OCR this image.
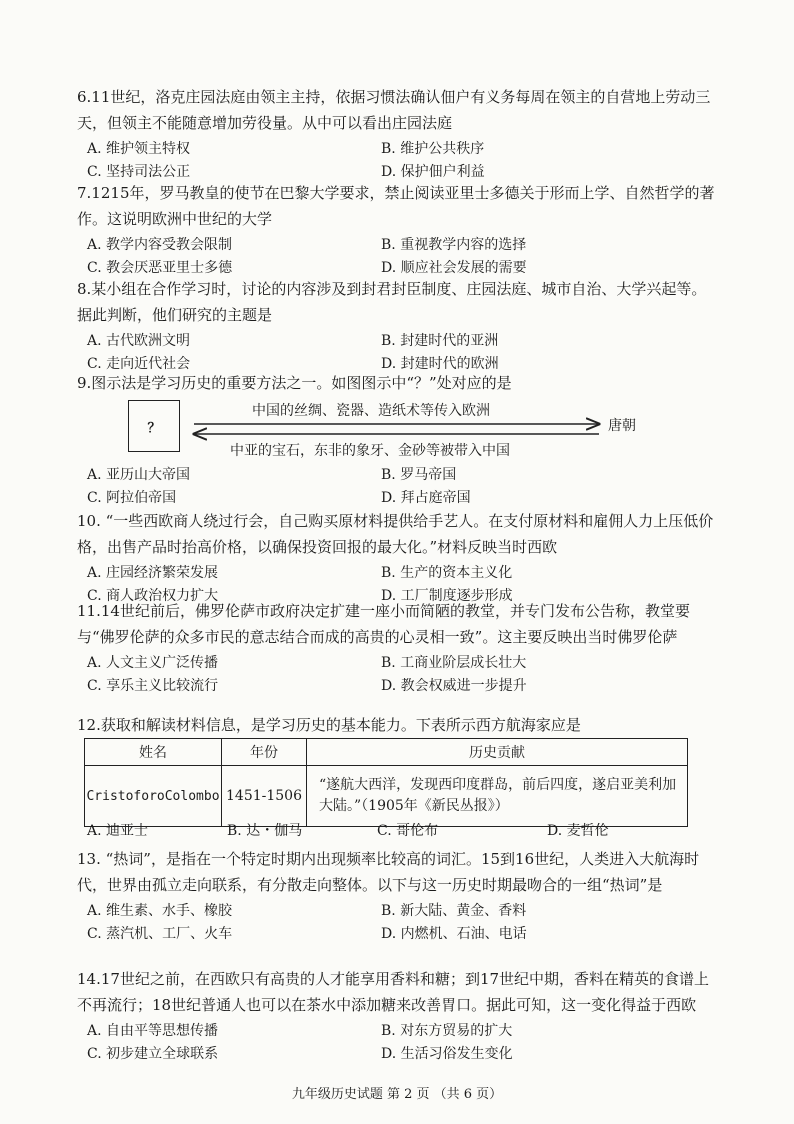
6.11世纪，洛克庄园法庭由领主主持，依据习惯法确认佃户有义务每周在领主的自营地上劳动三天，但领主不能随意增加劳役量。从中可以看出庄园法庭

A. 维护领主特权	B. 维护公共秩序
C. 坚持司法公正	D. 保护佃户利益

7.1215年，罗马教皇的使节在巴黎大学要求，禁止阅读亚里士多德关于形而上学、自然哲学的著作。这说明欧洲中世纪的大学

A. 教学内容受教会限制	B. 重视教学内容的选择
C. 教会厌恶亚里士多德	D. 顺应社会发展的需要

8.某小组在合作学习时，讨论的内容涉及到封君封臣制度、庄园法庭、城市自治、大学兴起等。据此判断，他们研究的主题是

A. 古代欧洲文明	B. 封建时代的亚洲
C. 走向近代社会	D. 封建时代的欧洲

9.图示法是学习历史的重要方法之一。如图图示中“？”处对应的是

？
中国的丝绸、瓷器、造纸术等传入欧洲
中亚的宝石，东非的象牙、金砂等被带入中国
唐朝
A. 亚历山大帝国	B. 罗马帝国
C. 阿拉伯帝国	D. 拜占庭帝国

10. “一些西欧商人绕过行会，自己购买原材料提供给手艺人。在支付原材料和雇佣人力上压低价格，出售产品时抬高价格，以确保投资回报的最大化。”材料反映当时西欧

A. 庄园经济繁荣发展	B. 生产的资本主义化
C. 商人政治权力扩大	D. 工厂制度逐步形成

11.14世纪前后，佛罗伦萨市政府决定扩建一座小而简陋的教堂，并专门发布公告称，教堂要与“佛罗伦萨的众多市民的意志结合而成的高贵的心灵相一致”。这主要反映出当时佛罗伦萨

A. 人文主义广泛传播	B. 工商业阶层成长壮大
C. 享乐主义比较流行	D. 教会权威进一步提升

12.获取和解读材料信息，是学习历史的基本能力。下表所示西方航海家应是

姓名	年份	历史贡献
CristoforoColombo	1451-1506	“遂航大西洋，发现西印度群岛，前后四度，遂启亚美利加大陆。”（1905年《新民丛报》）
A. 迪亚士	B. 达・伽马	C. 哥伦布	D. 麦哲伦

13. “热词”，是指在一个特定时期内出现频率比较高的词汇。15到16世纪，人类进入大航海时代，世界由孤立走向联系，有分散走向整体。以下与这一历史时期最吻合的一组“热词”是

A. 维生素、水手、橡胶	B. 新大陆、黄金、香料
C. 蒸汽机、工厂、火车	D. 内燃机、石油、电话

14.17世纪之前，在西欧只有高贵的人才能享用香料和糖；到17世纪中期，香料在精英的食谱上不再流行；18世纪普通人也可以在茶水中添加糖来改善胃口。据此可知，这一变化得益于西欧

A. 自由平等思想传播	B. 对东方贸易的扩大
C. 初步建立全球联系	D. 生活习俗发生变化
九年级历史试题 第 2 页 （共 6 页）
